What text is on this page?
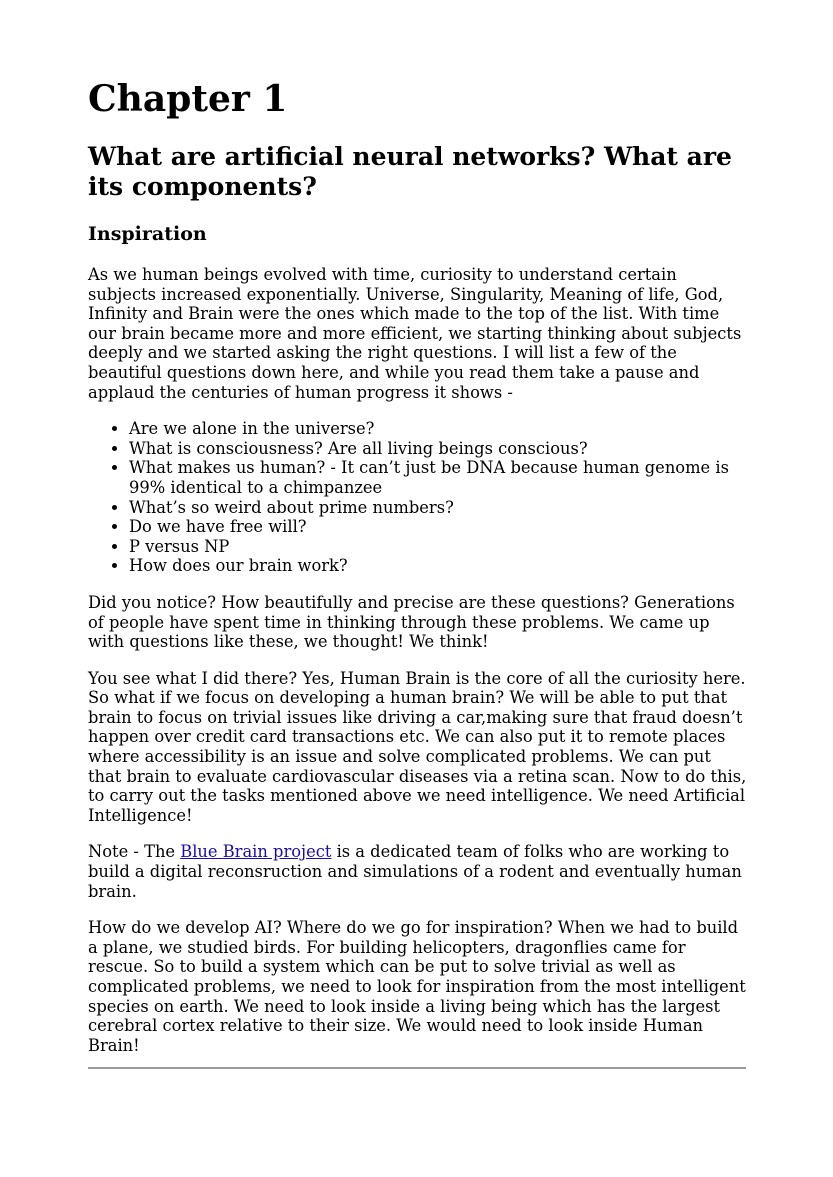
Chapter 1
What are artificial neural networks? What are its components?
Inspiration

As we human beings evolved with time, curiosity to understand certain subjects increased exponentially. Universe, Singularity, Meaning of life, God, Infinity and Brain were the ones which made to the top of the list. With time our brain became more and more efficient, we starting thinking about subjects deeply and we started asking the right questions. I will list a few of the beautiful questions down here, and while you read them take a pause and applaud the centuries of human progress it shows -

• Are we alone in the universe?
• What is consciousness? Are all living beings conscious?
• What makes us human? - It can’t just be DNA because human genome is 99% identical to a chimpanzee
• What’s so weird about prime numbers?
• Do we have free will?
• P versus NP
• How does our brain work?

Did you notice? How beautifully and precise are these questions? Generations of people have spent time in thinking through these problems. We came up with questions like these, we thought! We think!

You see what I did there? Yes, Human Brain is the core of all the curiosity here. So what if we focus on developing a human brain? We will be able to put that brain to focus on trivial issues like driving a car,making sure that fraud doesn’t happen over credit card transactions etc. We can also put it to remote places where accessibility is an issue and solve complicated problems. We can put that brain to evaluate cardiovascular diseases via a retina scan. Now to do this, to carry out the tasks mentioned above we need intelligence. We need Artificial Intelligence!

Note - The Blue Brain project is a dedicated team of folks who are working to build a digital reconsruction and simulations of a rodent and eventually human brain.

How do we develop AI? Where do we go for inspiration? When we had to build a plane, we studied birds. For building helicopters, dragonflies came for rescue. So to build a system which can be put to solve trivial as well as complicated problems, we need to look for inspiration from the most intelligent species on earth. We need to look inside a living being which has the largest cerebral cortex relative to their size. We would need to look inside Human Brain!
